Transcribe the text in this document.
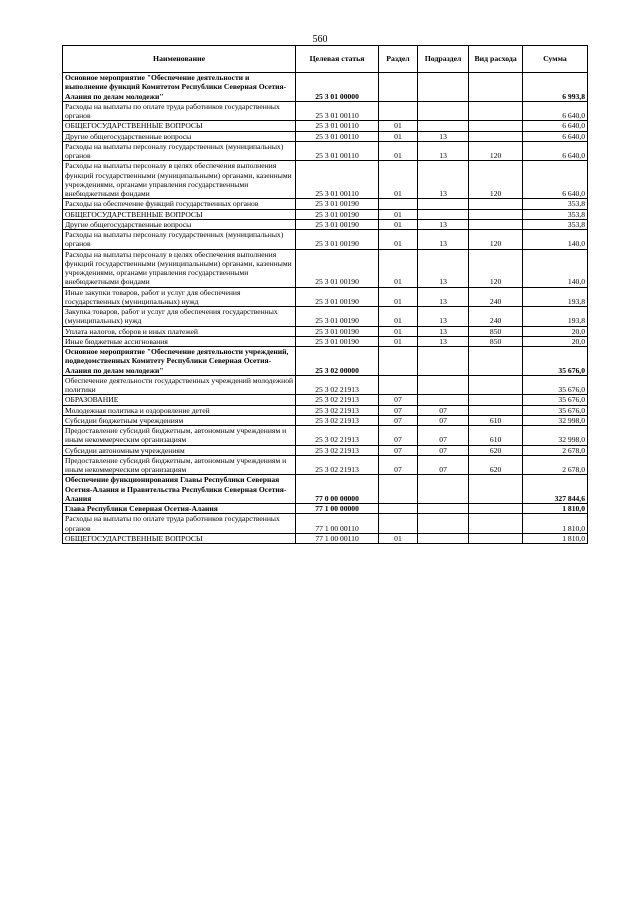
560
Наименование	Целевая статья	Раздел	Подраздел	Вид расхода	Сумма
Основное мероприятие "Обеспечение деятельности и выполнение функций Комитетом Республики Северная Осетия-Алания по делам молодежи"	25 3 01 00000				6 993,8
Расходы на выплаты по оплате труда работников государственных органов	25 3 01 00110				6 640,0
ОБЩЕГОСУДАРСТВЕННЫЕ ВОПРОСЫ	25 3 01 00110	01			6 640,0
Другие общегосударственные вопросы	25 3 01 00110	01	13		6 640,0
Расходы на выплаты персоналу государственных (муниципальных) органов	25 3 01 00110	01	13	120	6 640,0
Расходы на выплаты персоналу в целях обеспечения выполнения функций государственными (муниципальными) органами, казенными учреждениями, органами управления государственными внебюджетными фондами	25 3 01 00110	01	13	120	6 640,0
Расходы на обеспечение функций государственных органов	25 3 01 00190				353,8
ОБЩЕГОСУДАРСТВЕННЫЕ ВОПРОСЫ	25 3 01 00190	01			353,8
Другие общегосударственные вопросы	25 3 01 00190	01	13		353,8
Расходы на выплаты персоналу государственных (муниципальных) органов	25 3 01 00190	01	13	120	140,0
Расходы на выплаты персоналу в целях обеспечения выполнения функций государственными (муниципальными) органами, казенными учреждениями, органами управления государственными внебюджетными фондами	25 3 01 00190	01	13	120	140,0
Иные закупки товаров, работ и услуг для обеспечения государственных (муниципальных) нужд	25 3 01 00190	01	13	240	193,8
Закупка товаров, работ и услуг для обеспечения государственных (муниципальных) нужд	25 3 01 00190	01	13	240	193,8
Уплата налогов, сборов и иных платежей	25 3 01 00190	01	13	850	20,0
Иные бюджетные ассигнования	25 3 01 00190	01	13	850	20,0
Основное мероприятие "Обеспечение деятельности учреждений, подведомственных Комитету Республики Северная Осетия-Алания по делам молодежи"	25 3 02 00000				35 676,0
Обеспечение деятельности государственных учреждений молодежной политики	25 3 02 21913				35 676,0
ОБРАЗОВАНИЕ	25 3 02 21913	07			35 676,0
Молодежная политика и оздоровление детей	25 3 02 21913	07	07		35 676,0
Субсидии бюджетным учреждениям	25 3 02 21913	07	07	610	32 998,0
Предоставление субсидий бюджетным, автономным учреждениям и иным некоммерческим организациям	25 3 02 21913	07	07	610	32 998,0
Субсидии автономным учреждениям	25 3 02 21913	07	07	620	2 678,0
Предоставление субсидий бюджетным, автономным учреждениям и иным некоммерческим организациям	25 3 02 21913	07	07	620	2 678,0
Обеспечение функционирования Главы Республики Северная Осетия-Алания и Правительства Республики Северная Осетия-Алания	77 0 00 00000				327 844,6
Глава Республики Северная Осетия-Алания	77 1 00 00000				1 810,0
Расходы на выплаты по оплате труда работников государственных органов	77 1 00 00110				1 810,0
ОБЩЕГОСУДАРСТВЕННЫЕ ВОПРОСЫ	77 1 00 00110	01			1 810,0
